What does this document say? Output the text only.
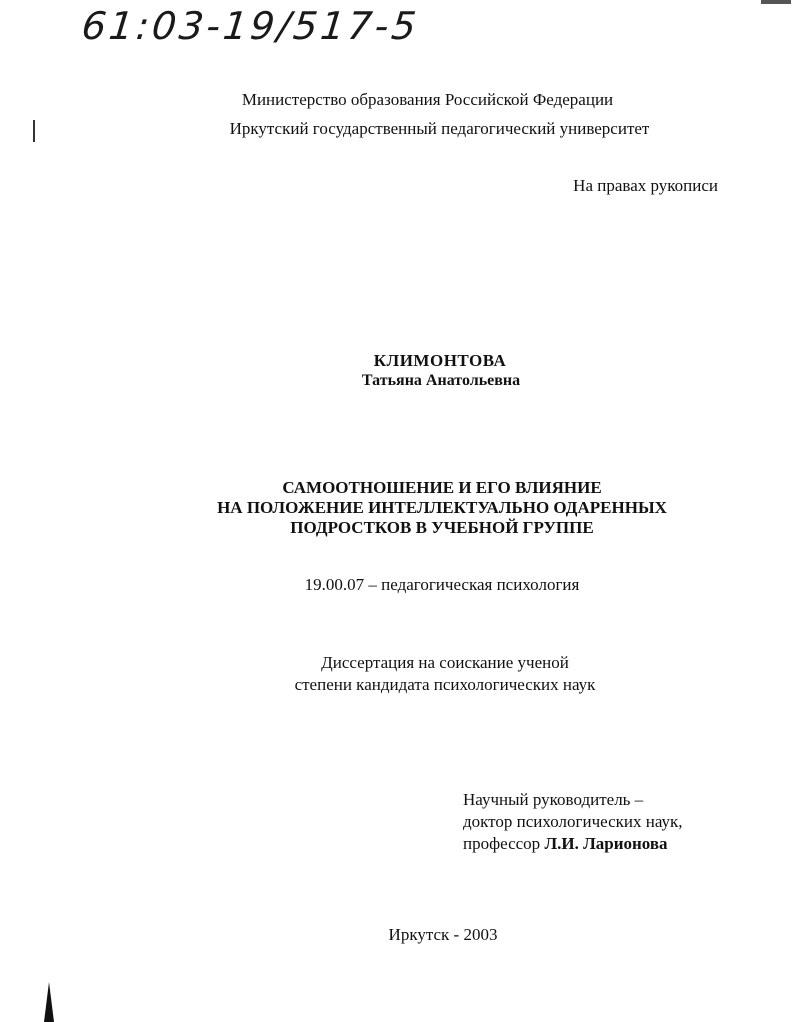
61:03-19/517-5
Министерство образования Российской Федерации
Иркутский государственный педагогический университет
На правах рукописи
КЛИМОНТОВА
Татьяна Анатольевна
САМООТНОШЕНИЕ И ЕГО ВЛИЯНИЕ
НА ПОЛОЖЕНИЕ ИНТЕЛЛЕКТУАЛЬНО ОДАРЕННЫХ
ПОДРОСТКОВ В УЧЕБНОЙ ГРУППЕ
19.00.07 – педагогическая психология
Диссертация на соискание ученой
степени кандидата психологических наук
Научный руководитель –
доктор психологических наук,
профессор Л.И. Ларионова
Иркутск - 2003
